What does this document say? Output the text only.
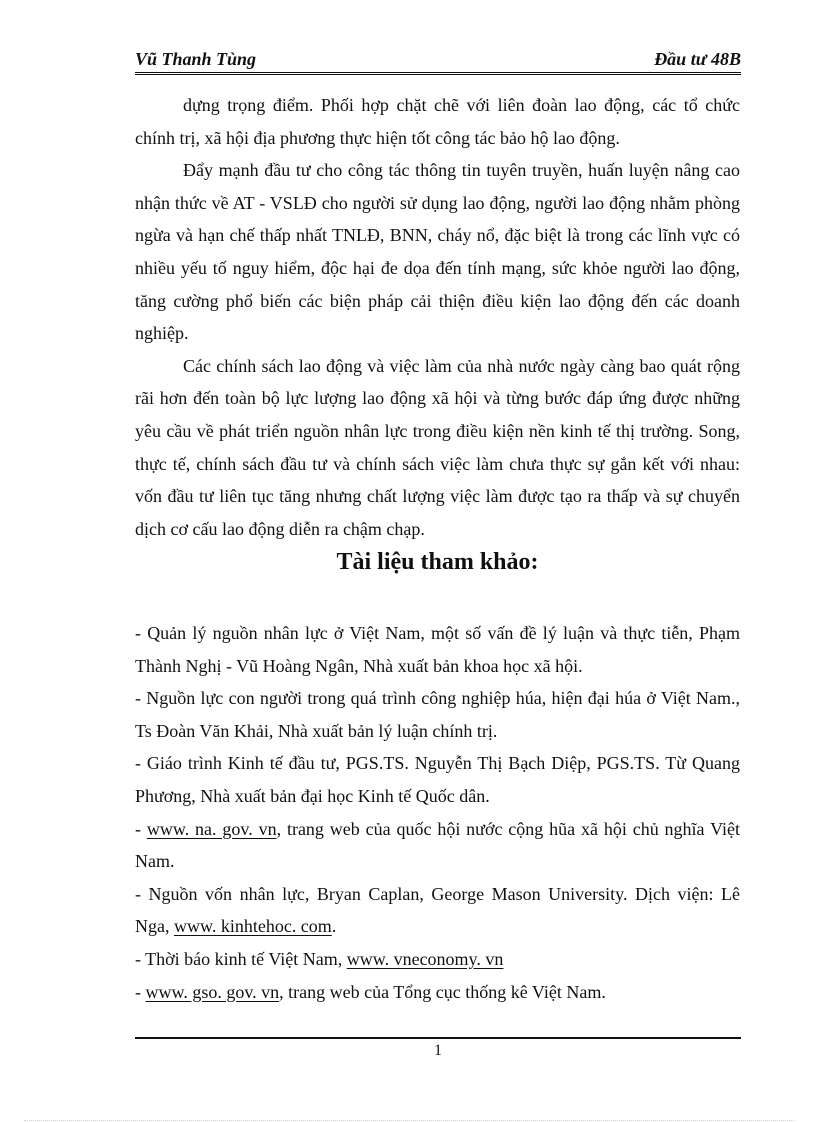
Vũ Thanh Tùng	Đầu tư 48B

dựng trọng điểm. Phối hợp chặt chẽ với liên đoàn lao động, các tổ chức chính trị, xã hội địa phương thực hiện tốt công tác bảo hộ lao động.

Đẩy mạnh đầu tư cho công tác thông tin tuyên truyền, huấn luyện nâng cao nhận thức về AT - VSLĐ cho người sử dụng lao động, người lao động nhằm phòng ngừa và hạn chế thấp nhất TNLĐ, BNN, cháy nổ, đặc biệt là trong các lĩnh vực có nhiều yếu tố nguy hiểm, độc hại đe dọa đến tính mạng, sức khỏe người lao động, tăng cường phổ biến các biện pháp cải thiện điều kiện lao động đến các doanh nghiệp.

Các chính sách lao động và việc làm của nhà nước ngày càng bao quát rộng rãi hơn đến toàn bộ lực lượng lao động xã hội và từng bước đáp ứng được những yêu cầu về phát triển nguồn nhân lực trong điều kiện nền kinh tế thị trường. Song, thực tế, chính sách đầu tư và chính sách việc làm chưa thực sự gắn kết với nhau: vốn đầu tư liên tục tăng nhưng chất lượng việc làm được tạo ra thấp và sự chuyển dịch cơ cấu lao động diễn ra chậm chạp.

Tài liệu tham khảo:

- Quản lý nguồn nhân lực ở Việt Nam, một số vấn đề lý luận và thực tiễn, Phạm Thành Nghị - Vũ Hoàng Ngân, Nhà xuất bản khoa học xã hội.

- Nguồn lực con người trong quá trình công nghiệp húa, hiện đại húa ở Việt Nam., Ts Đoàn Văn Khải, Nhà xuất bản lý luận chính trị.

- Giáo trình Kinh tế đầu tư, PGS.TS. Nguyễn Thị Bạch Diệp, PGS.TS. Từ Quang Phương, Nhà xuất bản đại học Kinh tế Quốc dân.

- www. na. gov. vn, trang web của quốc hội nước cộng hũa xã hội chủ nghĩa Việt Nam.

- Nguồn vốn nhân lực, Bryan Caplan, George Mason University. Dịch viện: Lê Nga, www. kinhtehoc. com.

- Thời báo kinh tế Việt Nam, www. vneconomy. vn

- www. gso. gov. vn, trang web của Tổng cục thống kê Việt Nam.

1
